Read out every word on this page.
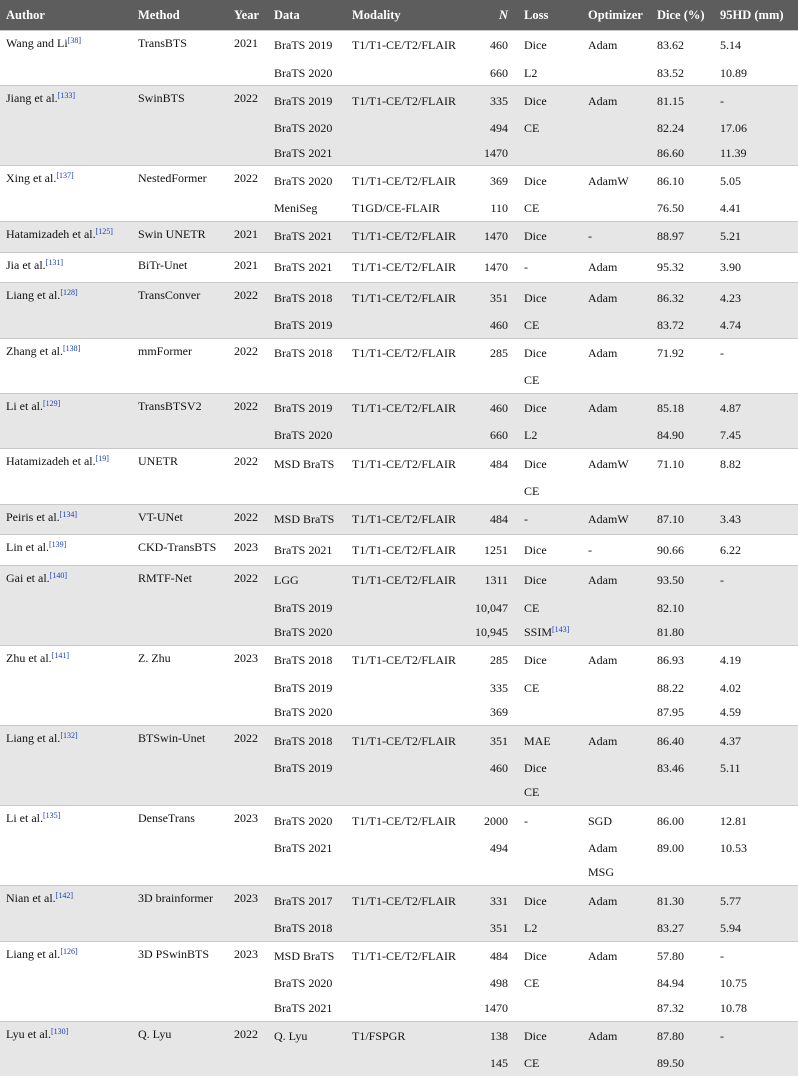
Author	Method	Year	Data	Modality	N	Loss	Optimizer	Dice (%)	95HD (mm)
Wang and Li[38]	TransBTS	2021	BraTS 2019	T1/T1-CE/T2/FLAIR	460	Dice	Adam	83.62	5.14
			BraTS 2020		660	L2		83.52	10.89
Jiang et al.[133]	SwinBTS	2022	BraTS 2019	T1/T1-CE/T2/FLAIR	335	Dice	Adam	81.15	-
			BraTS 2020		494	CE		82.24	17.06
			BraTS 2021		1470			86.60	11.39
Xing et al.[137]	NestedFormer	2022	BraTS 2020	T1/T1-CE/T2/FLAIR	369	Dice	AdamW	86.10	5.05
			MeniSeg	T1GD/CE-FLAIR	110	CE		76.50	4.41
Hatamizadeh et al.[125]	Swin UNETR	2021	BraTS 2021	T1/T1-CE/T2/FLAIR	1470	Dice	-	88.97	5.21
Jia et al.[131]	BiTr-Unet	2021	BraTS 2021	T1/T1-CE/T2/FLAIR	1470	-	Adam	95.32	3.90
Liang et al.[128]	TransConver	2022	BraTS 2018	T1/T1-CE/T2/FLAIR	351	Dice	Adam	86.32	4.23
			BraTS 2019		460	CE		83.72	4.74
Zhang et al.[138]	mmFormer	2022	BraTS 2018	T1/T1-CE/T2/FLAIR	285	Dice	Adam	71.92	-
						CE			
Li et al.[129]	TransBTSV2	2022	BraTS 2019	T1/T1-CE/T2/FLAIR	460	Dice	Adam	85.18	4.87
			BraTS 2020		660	L2		84.90	7.45
Hatamizadeh et al.[19]	UNETR	2022	MSD BraTS	T1/T1-CE/T2/FLAIR	484	Dice	AdamW	71.10	8.82
						CE			
Peiris et al.[134]	VT-UNet	2022	MSD BraTS	T1/T1-CE/T2/FLAIR	484	-	AdamW	87.10	3.43
Lin et al.[139]	CKD-TransBTS	2023	BraTS 2021	T1/T1-CE/T2/FLAIR	1251	Dice	-	90.66	6.22
Gai et al.[140]	RMTF-Net	2022	LGG	T1/T1-CE/T2/FLAIR	1311	Dice	Adam	93.50	-
			BraTS 2019		10,047	CE		82.10	
			BraTS 2020		10,945	SSIM[143]		81.80	
Zhu et al.[141]	Z. Zhu	2023	BraTS 2018	T1/T1-CE/T2/FLAIR	285	Dice	Adam	86.93	4.19
			BraTS 2019		335	CE		88.22	4.02
			BraTS 2020		369			87.95	4.59
Liang et al.[132]	BTSwin-Unet	2022	BraTS 2018	T1/T1-CE/T2/FLAIR	351	MAE	Adam	86.40	4.37
			BraTS 2019		460	Dice		83.46	5.11
						CE			
Li et al.[135]	DenseTrans	2023	BraTS 2020	T1/T1-CE/T2/FLAIR	2000	-	SGD	86.00	12.81
			BraTS 2021		494		Adam	89.00	10.53
							MSG		
Nian et al.[142]	3D brainformer	2023	BraTS 2017	T1/T1-CE/T2/FLAIR	331	Dice	Adam	81.30	5.77
			BraTS 2018		351	L2		83.27	5.94
Liang et al.[126]	3D PSwinBTS	2023	MSD BraTS	T1/T1-CE/T2/FLAIR	484	Dice	Adam	57.80	-
			BraTS 2020		498	CE		84.94	10.75
			BraTS 2021		1470			87.32	10.78
Lyu et al.[130]	Q. Lyu	2022	Q. Lyu	T1/FSPGR	138	Dice	Adam	87.80	-
					145	CE		89.50	
